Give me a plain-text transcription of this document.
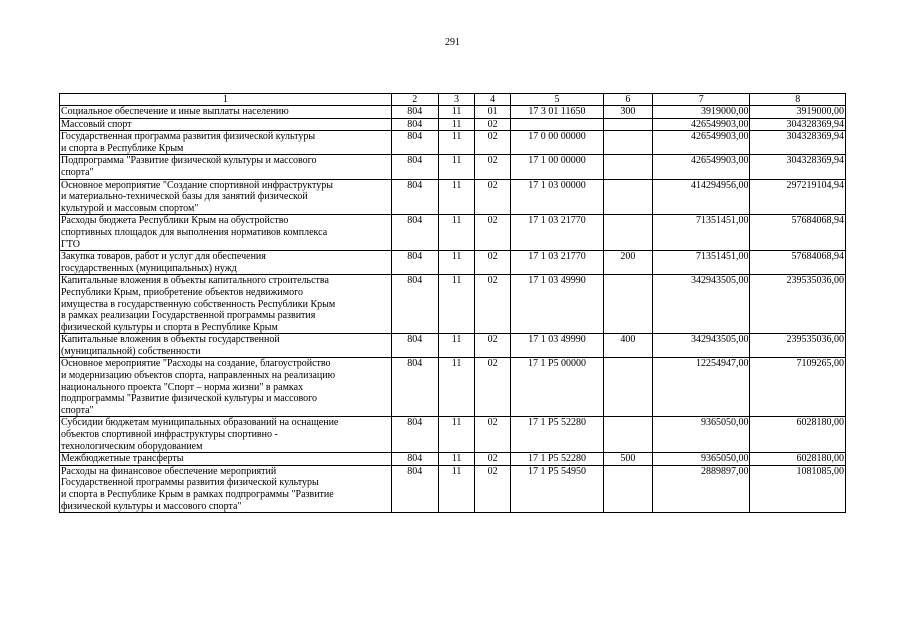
291
1	2	3	4	5	6	7	8
Социальное обеспечение и иные выплаты населению	804	11	01	17 3 01 11650	300	3919000,00	3919000,00
Массовый спорт	804	11	02			426549903,00	304328369,94
Государственная программа развития физической культуры
и спорта в Республике Крым	804	11	02	17 0 00 00000		426549903,00	304328369,94
Подпрограмма "Развитие физической культуры и массового
спорта"	804	11	02	17 1 00 00000		426549903,00	304328369,94
Основное мероприятие "Создание спортивной инфраструктуры
и материально-технической базы для занятий физической
культурой и массовым спортом"	804	11	02	17 1 03 00000		414294956,00	297219104,94
Расходы бюджета Республики Крым на обустройство
спортивных площадок для выполнения нормативов комплекса
ГТО	804	11	02	17 1 03 21770		71351451,00	57684068,94
Закупка товаров, работ и услуг для обеспечения
государственных (муниципальных) нужд	804	11	02	17 1 03 21770	200	71351451,00	57684068,94
Капитальные вложения в объекты капитального строительства
Республики Крым, приобретение объектов недвижимого
имущества в государственную собственность Республики Крым
в рамках реализации Государственной программы развития
физической культуры и спорта в Республике Крым	804	11	02	17 1 03 49990		342943505,00	239535036,00
Капитальные вложения в объекты государственной
(муниципальной) собственности	804	11	02	17 1 03 49990	400	342943505,00	239535036,00
Основное мероприятие "Расходы на создание, благоустройство
и модернизацию объектов спорта, направленных на реализацию
национального проекта "Спорт – норма жизни" в рамках
подпрограммы "Развитие физической культуры и массового
спорта"	804	11	02	17 1 Р5 00000		12254947,00	7109265,00
Субсидии бюджетам муниципальных образований на оснащение
объектов спортивной инфраструктуры спортивно -
технологическим оборудованием	804	11	02	17 1 Р5 52280		9365050,00	6028180,00
Межбюджетные трансферты	804	11	02	17 1 Р5 52280	500	9365050,00	6028180,00
Расходы на финансовое обеспечение мероприятий
Государственной программы развития физической культуры
и спорта в Республике Крым в рамках подпрограммы "Развитие
физической культуры и массового спорта"	804	11	02	17 1 Р5 54950		2889897,00	1081085,00
